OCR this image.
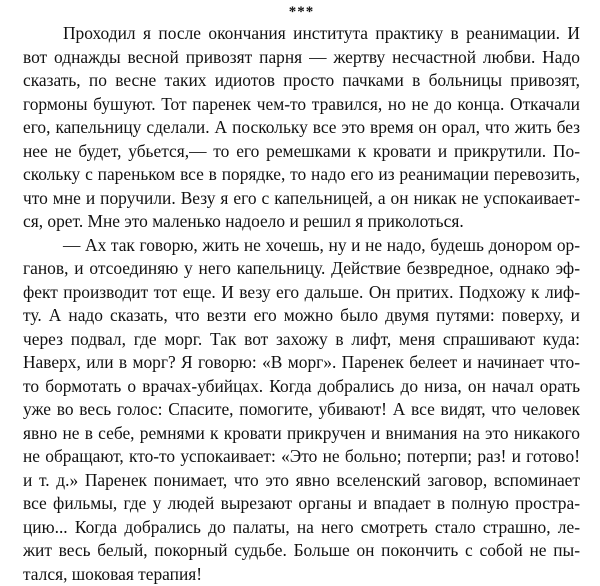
***
Проходил я после окончания института практику в реанимации. И
вот однажды весной привозят парня — жертву несчастной любви. Надо
сказать, по весне таких идиотов просто пачками в больницы привозят,
гормоны бушуют. Тот паренек чем-то травился, но не до конца. Откачали
его, капельницу сделали. А поскольку все это время он орал, что жить без
нее не будет, убьется,— то его ремешками к кровати и прикрутили. По-
скольку с пареньком все в порядке, то надо его из реанимации перевозить,
что мне и поручили. Везу я его с капельницей, а он никак не успокаивает-
ся, орет. Мне это маленько надоело и решил я приколоться.
— Ах так говорю, жить не хочешь, ну и не надо, будешь донором ор-
ганов, и отсоединяю у него капельницу. Действие безвредное, однако эф-
фект производит тот еще. И везу его дальше. Он притих. Подхожу к лиф-
ту. А надо сказать, что везти его можно было двумя путями: поверху, и
через подвал, где морг. Так вот захожу в лифт, меня спрашивают куда:
Наверх, или в морг? Я говорю: «В морг». Паренек белеет и начинает что-
то бормотать о врачах-убийцах. Когда добрались до низа, он начал орать
уже во весь голос: Спасите, помогите, убивают! А все видят, что человек
явно не в себе, ремнями к кровати прикручен и внимания на это никакого
не обращают, кто-то успокаивает: «Это не больно; потерпи; раз! и готово!
и т. д.» Паренек понимает, что это явно вселенский заговор, вспоминает
все фильмы, где у людей вырезают органы и впадает в полную простра-
цию... Когда добрались до палаты, на него смотреть стало страшно, ле-
жит весь белый, покорный судьбе. Больше он покончить с собой не пы-
тался, шоковая терапия!
